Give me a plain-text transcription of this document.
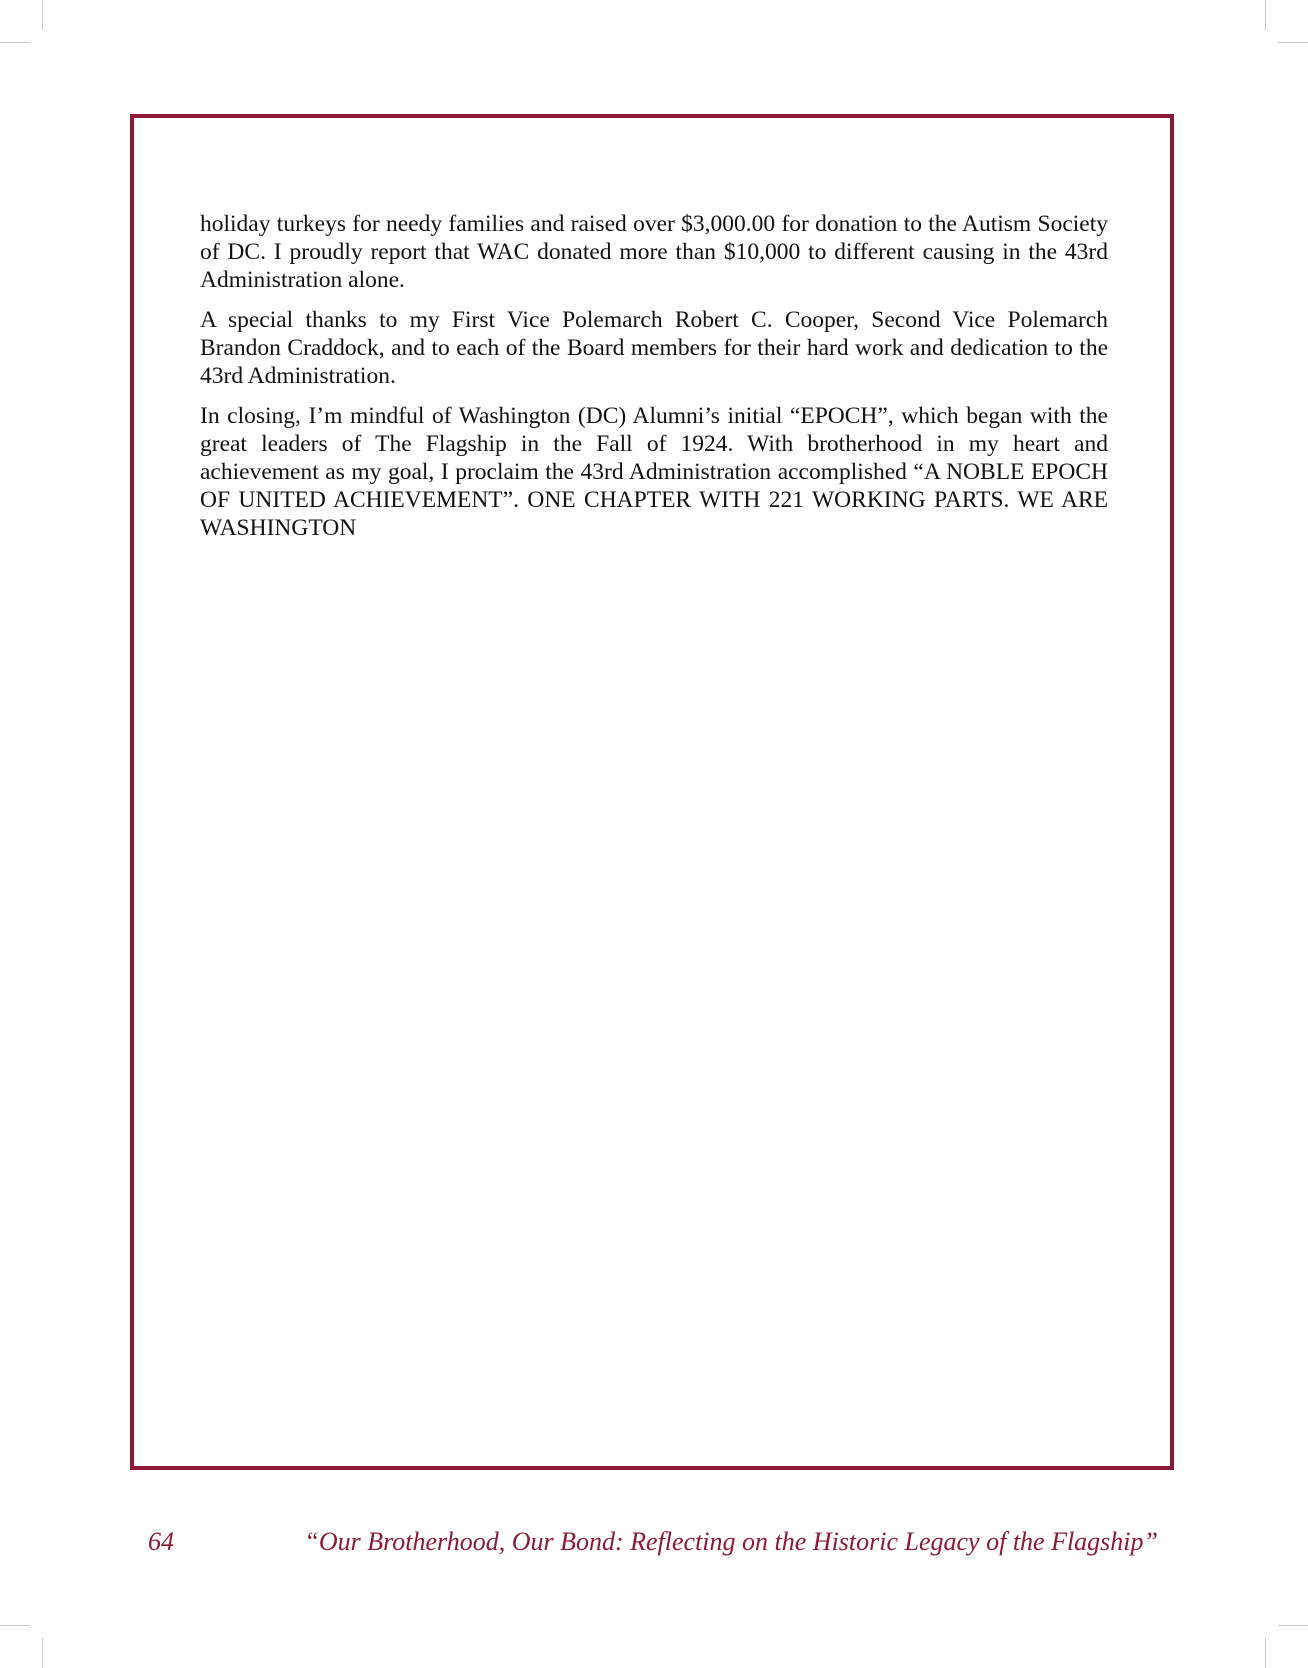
holiday turkeys for needy families and raised over $3,000.00 for donation to the Autism Society of DC. I proudly report that WAC donated more than $10,000 to different causing in the 43rd Administration alone.

A special thanks to my First Vice Polemarch Robert C. Cooper, Second Vice Polemarch Brandon Craddock, and to each of the Board members for their hard work and dedication to the 43rd Administration.

In closing, I’m mindful of Washington (DC) Alumni’s initial “EPOCH”, which began with the great leaders of The Flagship in the Fall of 1924. With brotherhood in my heart and achievement as my goal, I proclaim the 43rd Administration accomplished “A NOBLE EPOCH OF UNITED ACHIEVEMENT”. ONE CHAPTER WITH 221 WORKING PARTS. WE ARE WASHINGTON

64	“Our Brotherhood, Our Bond: Reflecting on the Historic Legacy of the Flagship”
